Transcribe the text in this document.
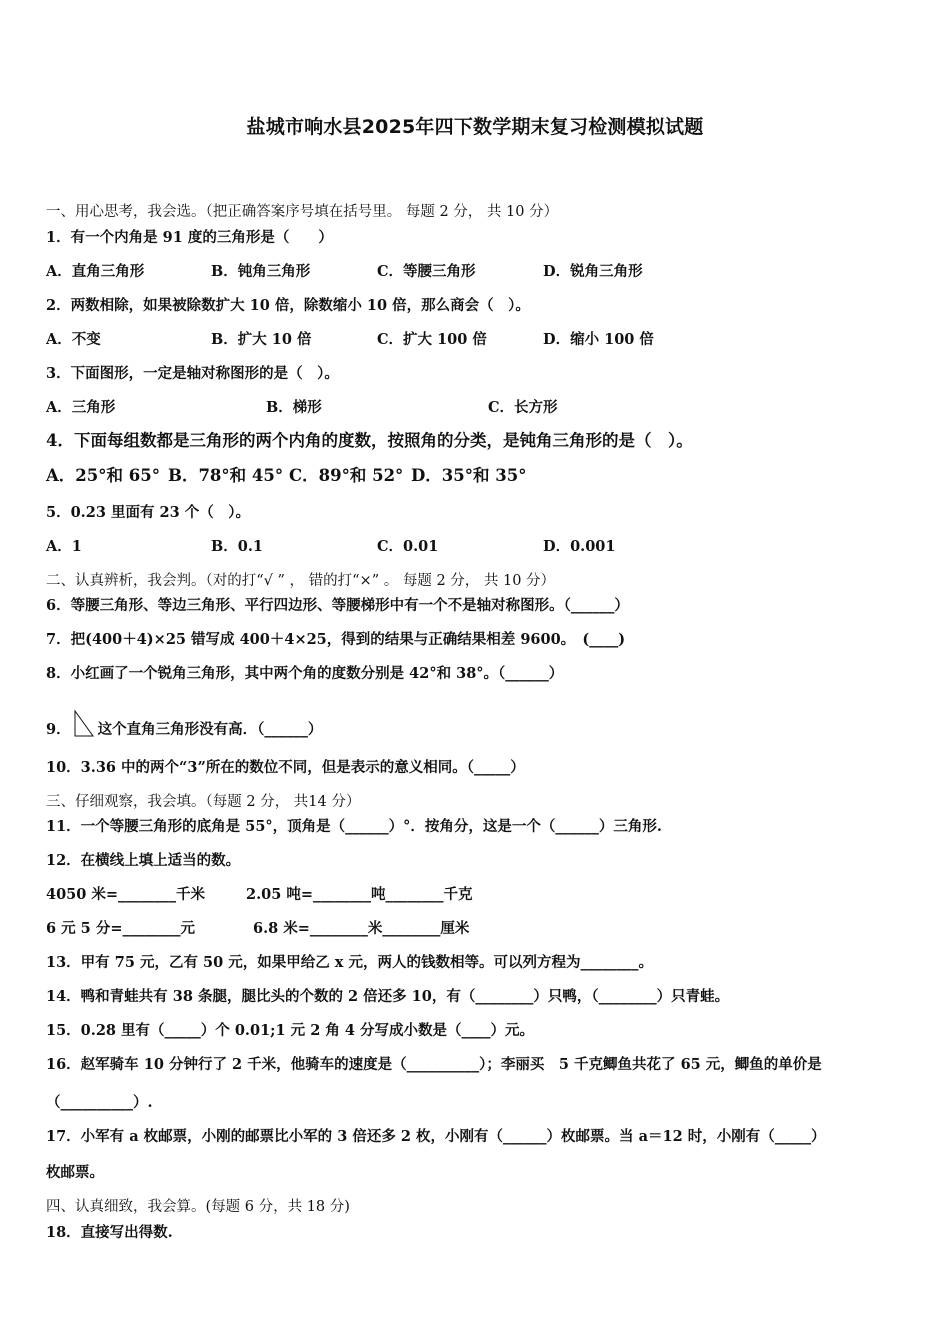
盐城市响水县2025年四下数学期末复习检测模拟试题
一、用心思考，我会选。（把正确答案序号填在括号里。 每题 2 分， 共 10 分）
1．有一个内角是 91 度的三角形是（　　）
A．直角三角形	B．钝角三角形	C．等腰三角形	D．锐角三角形
2．两数相除，如果被除数扩大 10 倍，除数缩小 10 倍，那么商会（　）。
A．不变	B．扩大 10 倍	C．扩大 100 倍	D．缩小 100 倍
3．下面图形，一定是轴对称图形的是（　）。
A．三角形	B．梯形	C．长方形
4．下面每组数都是三角形的两个内角的度数，按照角的分类，是钝角三角形的是（　）。
A．25°和 65° B．78°和 45° C．89°和 52° D．35°和 35°
5．0.23 里面有 23 个（　）。
A．1	B．0.1	C．0.01	D．0.001
二、认真辨析，我会判。（对的打“√ ” ， 错的打“×” 。 每题 2 分， 共 10 分）
6．等腰三角形、等边三角形、平行四边形、等腰梯形中有一个不是轴对称图形。（______）
7．把(400＋4)×25 错写成 400＋4×25，得到的结果与正确结果相差 9600。　(____)
8．小红画了一个锐角三角形，其中两个角的度数分别是 42°和 38°。（______）
9． 这个直角三角形没有高．（______）
10．3.36 中的两个“3”所在的数位不同，但是表示的意义相同。（_____）
三、仔细观察，我会填。（每题 2 分， 共14 分）
11．一个等腰三角形的底角是 55°，顶角是（______）°．按角分，这是一个（______）三角形.
12．在横线上填上适当的数。
4050 米=________千米	2.05 吨=________吨________千克
6 元 5 分=________元	6.8 米=________米________厘米
13．甲有 75 元，乙有 50 元，如果甲给乙 x 元，两人的钱数相等。可以列方程为________。
14．鸭和青蛙共有 38 条腿，腿比头的个数的 2 倍还多 10，有（________）只鸭，（________）只青蛙。
15．0.28 里有（_____）个 0.01;1 元 2 角 4 分写成小数是（____）元。
16．赵军骑车 10 分钟行了 2 千米，他骑车的速度是（__________）；李丽买　5 千克鲫鱼共花了 65 元，鲫鱼的单价是
（__________）.
17．小军有 a 枚邮票，小刚的邮票比小军的 3 倍还多 2 枚，小刚有（______）枚邮票。当 a＝12 时，小刚有（_____）
枚邮票。
四、认真细致，我会算。(每题 6 分，共 18 分)
18．直接写出得数.
